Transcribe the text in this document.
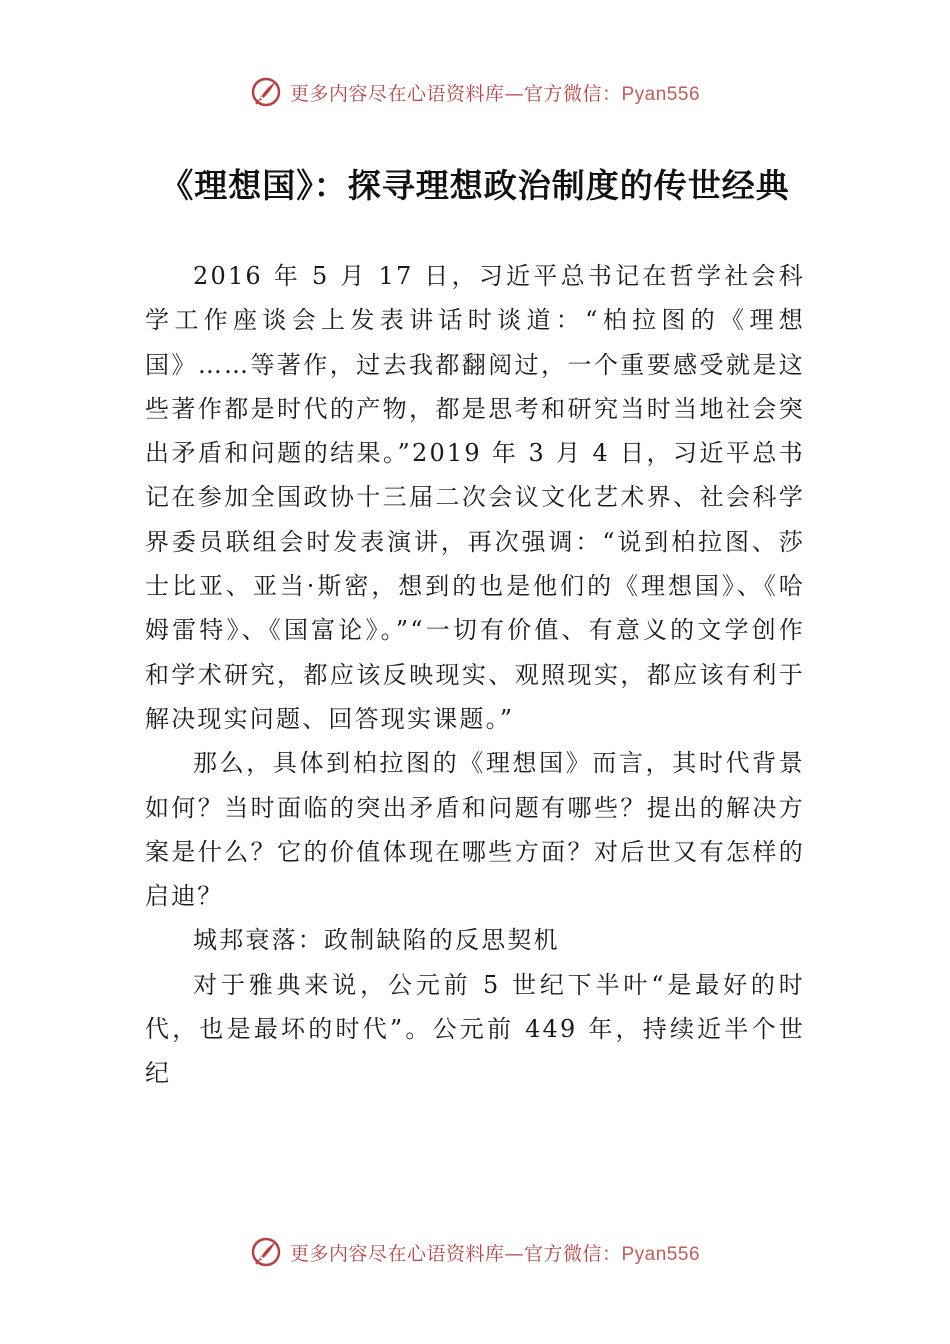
更多内容尽在心语资料库—官方微信：Pyan556
《理想国》：探寻理想政治制度的传世经典

2016 年 5 月 17 日，习近平总书记在哲学社会科学工作座谈会上发表讲话时谈道：“柏拉图的《理想国》……等著作，过去我都翻阅过，一个重要感受就是这些著作都是时代的产物，都是思考和研究当时当地社会突出矛盾和问题的结果。”2019 年 3 月 4 日，习近平总书记在参加全国政协十三届二次会议文化艺术界、社会科学界委员联组会时发表演讲，再次强调：“说到柏拉图、莎士比亚、亚当·斯密，想到的也是他们的《理想国》、《哈姆雷特》、《国富论》。”“一切有价值、有意义的文学创作和学术研究，都应该反映现实、观照现实，都应该有利于解决现实问题、回答现实课题。”

那么，具体到柏拉图的《理想国》而言，其时代背景如何？当时面临的突出矛盾和问题有哪些？提出的解决方案是什么？它的价值体现在哪些方面？对后世又有怎样的启迪？

城邦衰落：政制缺陷的反思契机

对于雅典来说，公元前 5 世纪下半叶“是最好的时代，也是最坏的时代”。公元前 449 年，持续近半个世纪

更多内容尽在心语资料库—官方微信：Pyan556
